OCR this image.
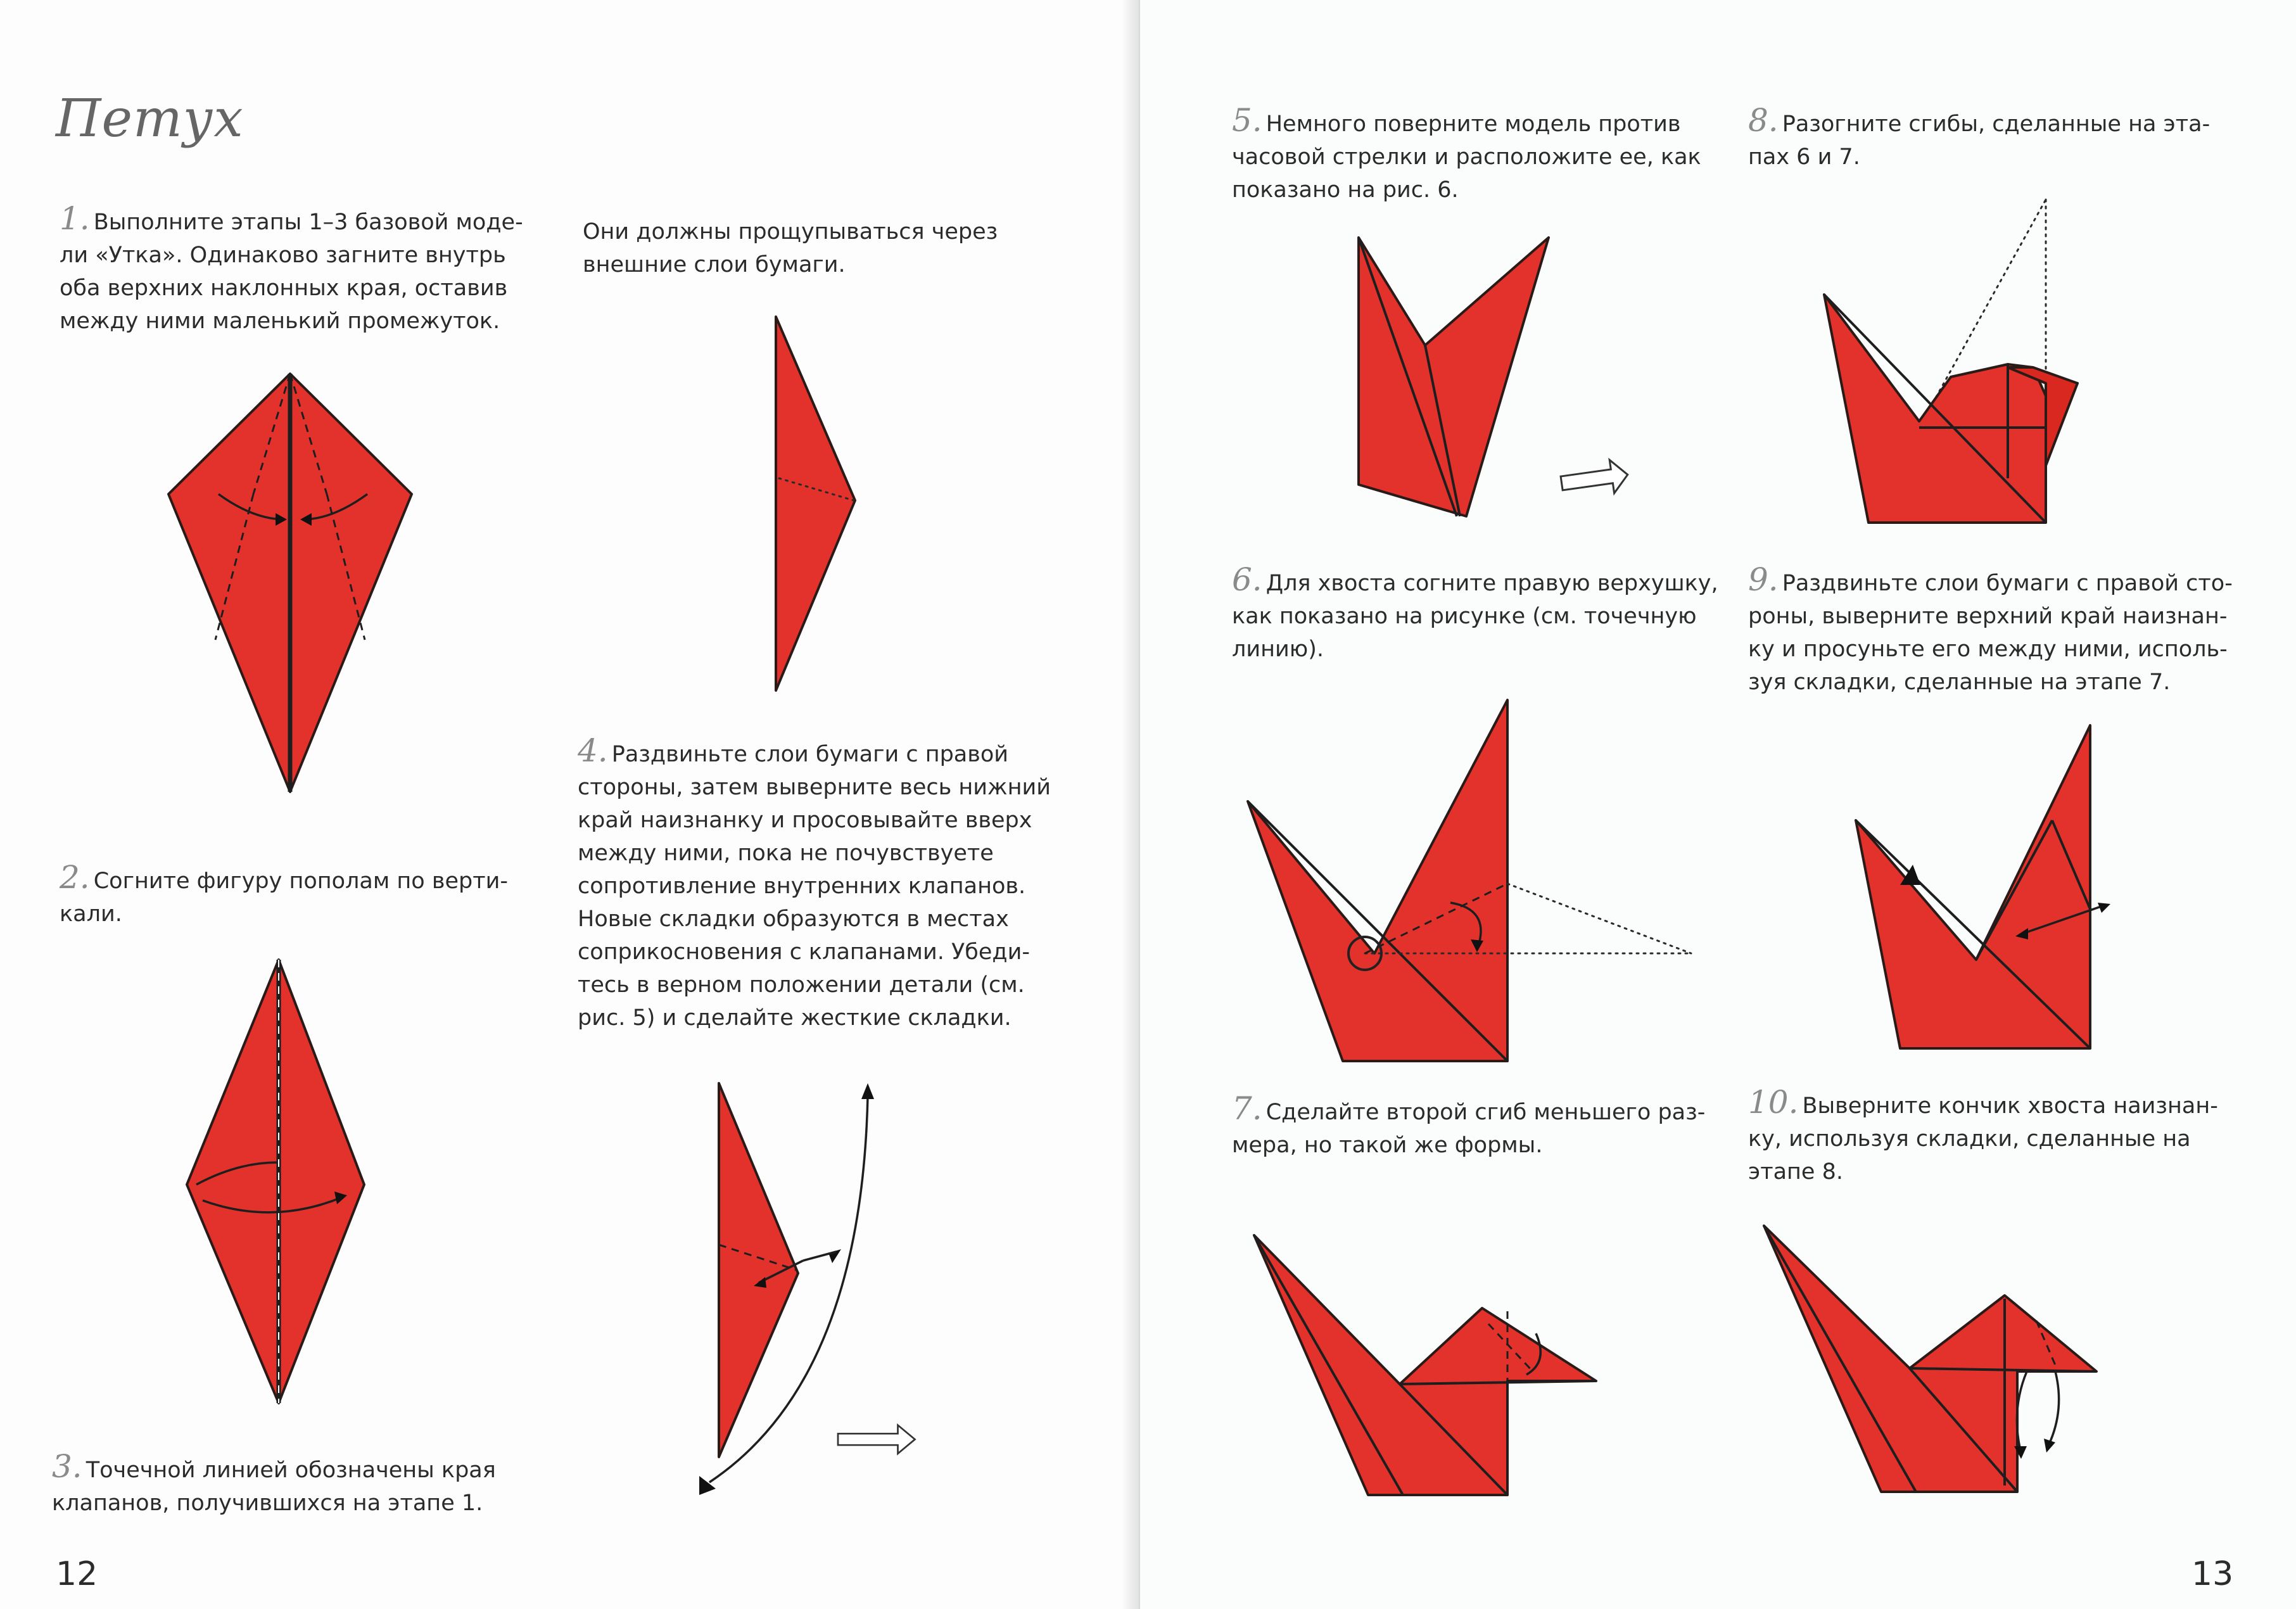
Петух

1. Выполните этапы 1–3 базовой моде-

ли «Утка». Одинаково загните внутрь

оба верхних наклонных края, оставив

между ними маленький промежуток.

Они должны прощупываться через

внешние слои бумаги.

2. Согните фигуру пополам по верти-

кали.

3. Точечной линией обозначены края

клапанов, получившихся на этапе 1.

4. Раздвиньте слои бумаги с правой

стороны, затем выверните весь нижний

край наизнанку и просовывайте вверх

между ними, пока не почувствуете

сопротивление внутренних клапанов.

Новые складки образуются в местах

соприкосновения с клапанами. Убеди-

тесь в верном положении детали (см.

рис. 5) и сделайте жесткие складки.

12

5. Немного поверните модель против

часовой стрелки и расположите ее, как

показано на рис. 6.

6. Для хвоста согните правую верхушку,

как показано на рисунке (см. точечную

линию).

7. Сделайте второй сгиб меньшего раз-

мера, но такой же формы.

8. Разогните сгибы, сделанные на эта-

пах 6 и 7.

9. Раздвиньте слои бумаги с правой сто-

роны, выверните верхний край наизнан-

ку и просуньте его между ними, исполь-

зуя складки, сделанные на этапе 7.

10. Выверните кончик хвоста наизнан-

ку, используя складки, сделанные на

этапе 8.

13
